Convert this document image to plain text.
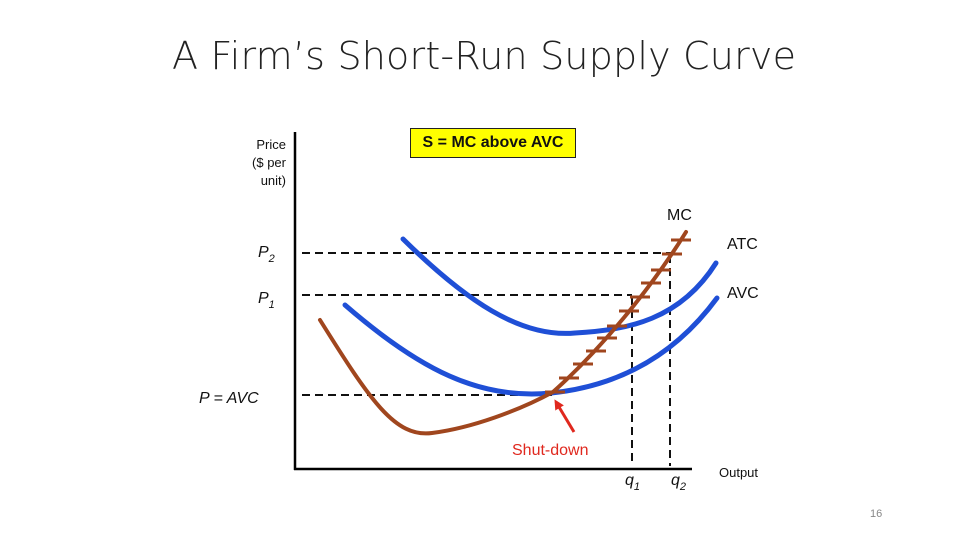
A Firm’s Short-Run Supply Curve
Price
($ per
unit)
S = MC above AVC
MC
ATC
AVC
$P_2$
$P_1$
P = AVC
$q_1$ $q_2$
Output
Shut-down
16
